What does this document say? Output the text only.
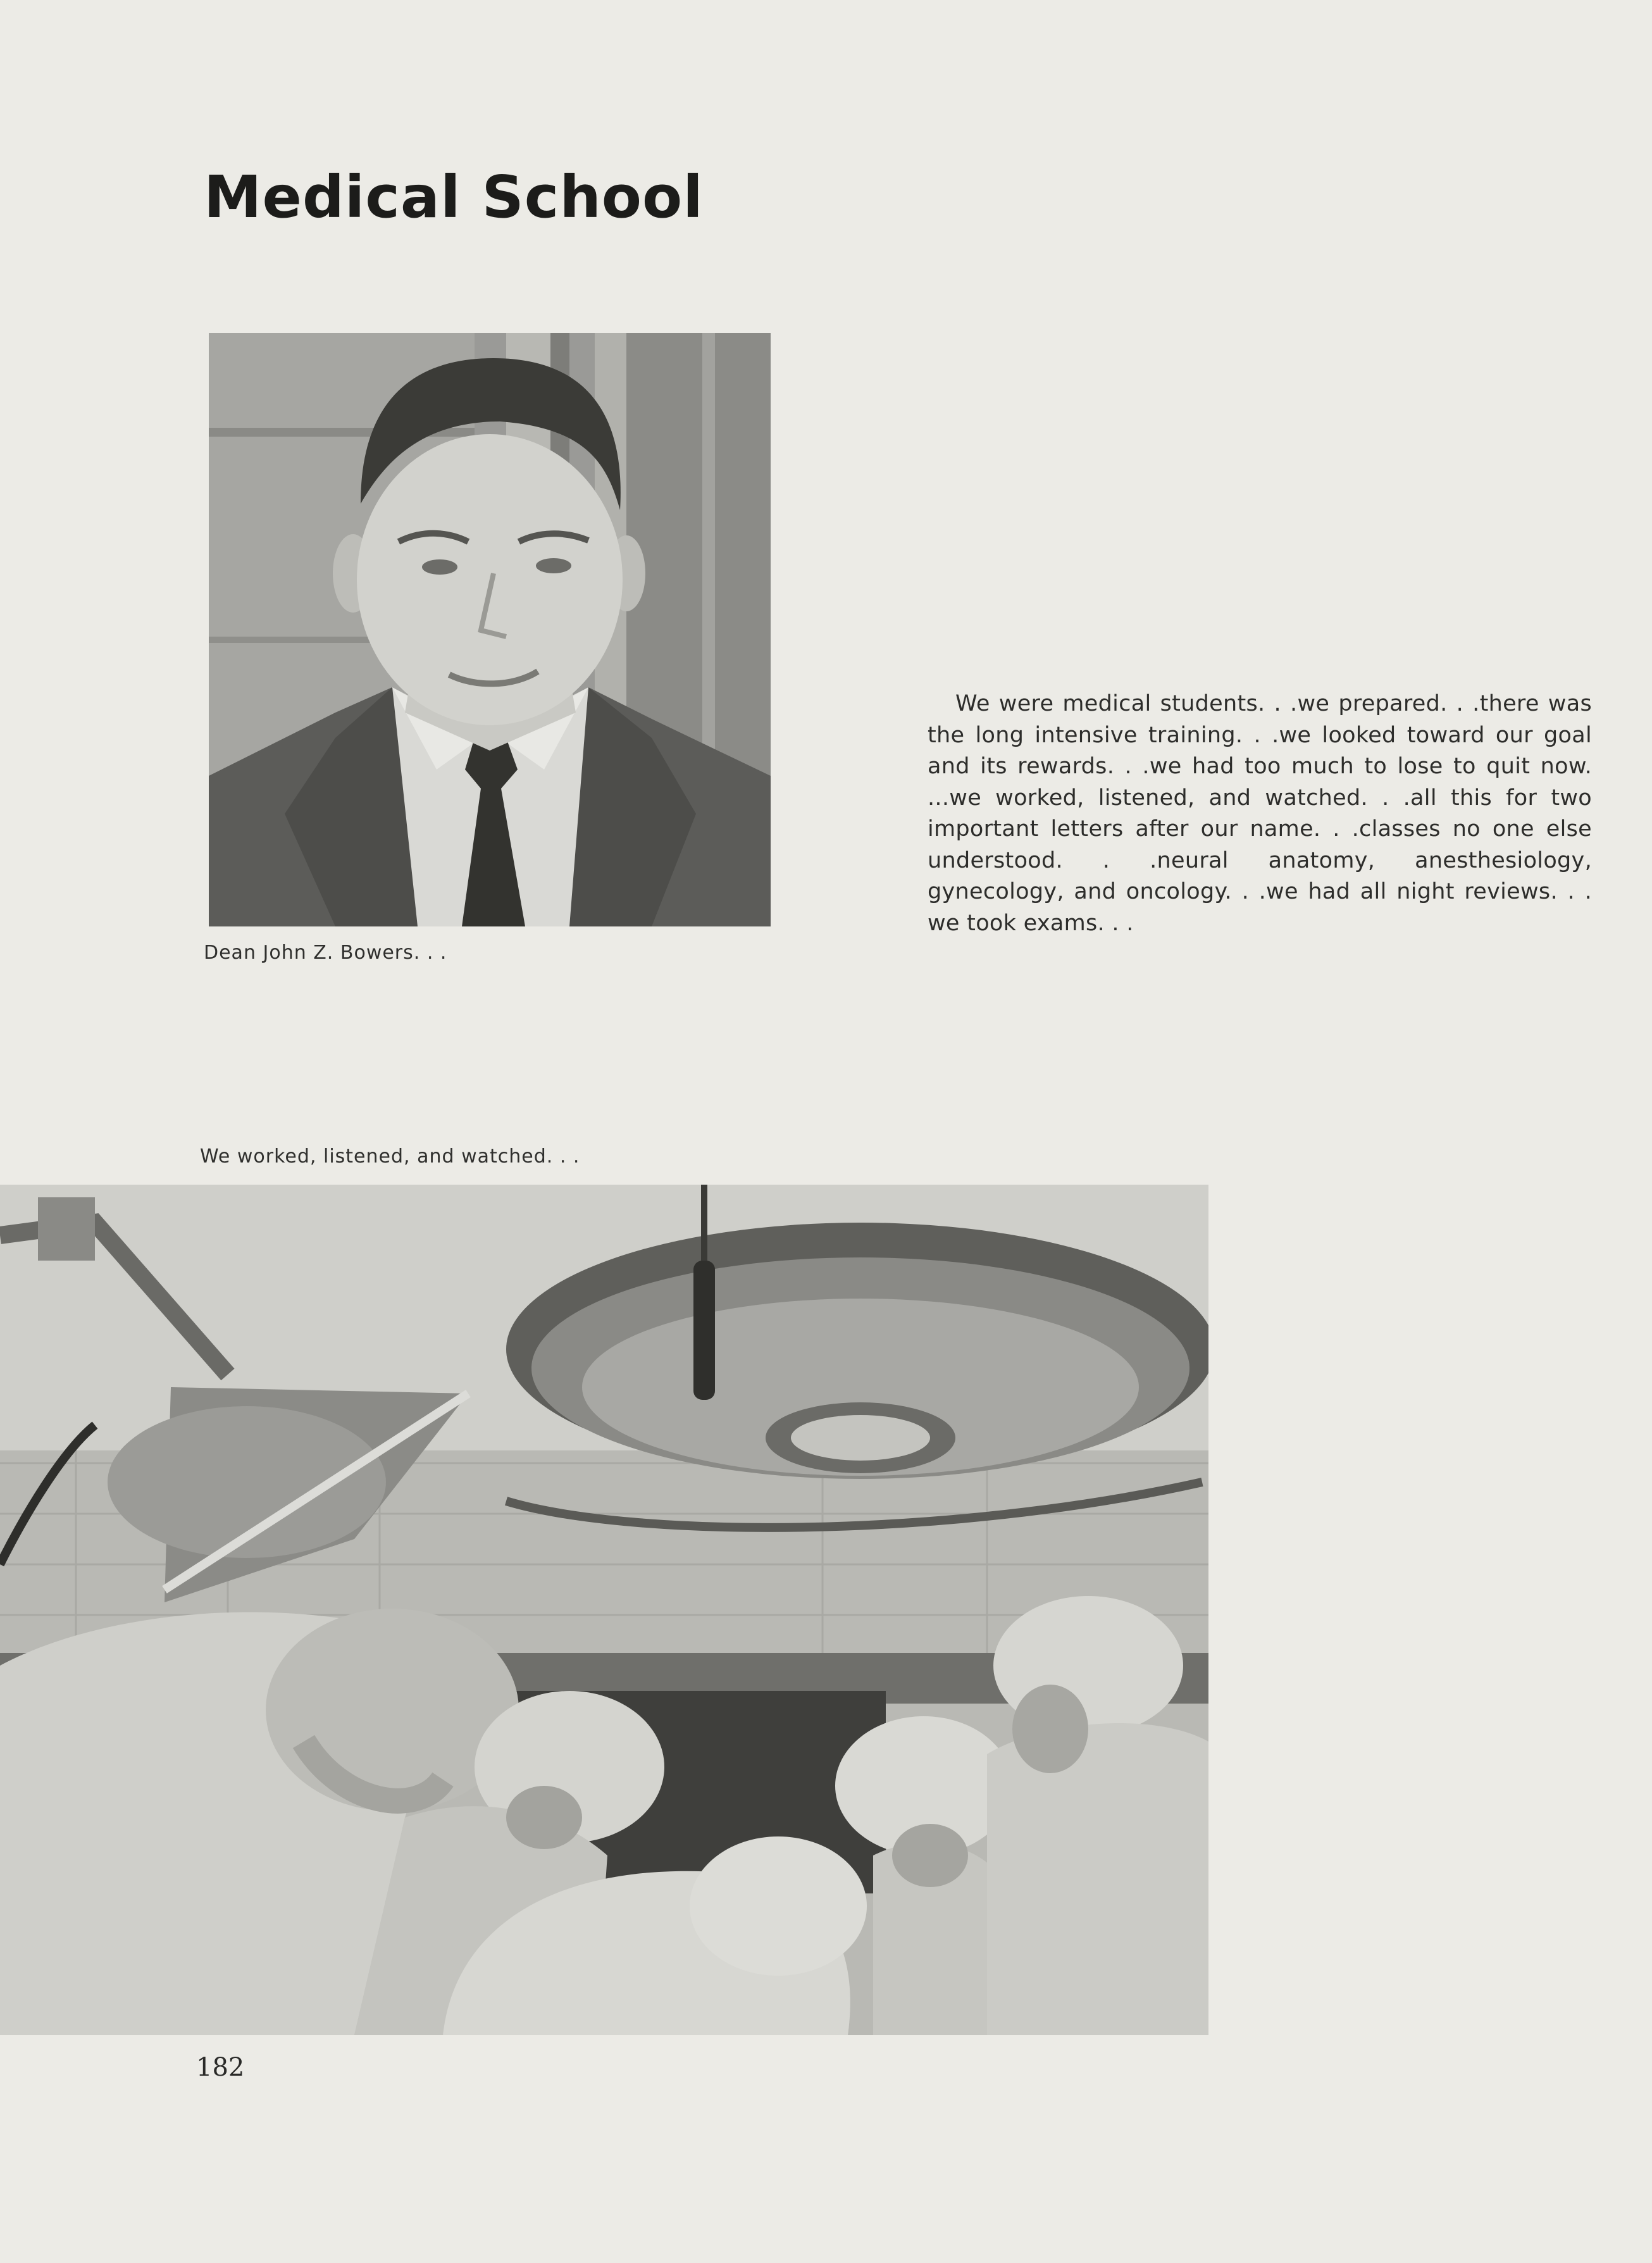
Medical School
Dean John Z. Bowers. . .
We were medical students. . .we prepared. . .there was the long intensive training. . .we looked toward our goal and its rewards. . .we had too much to lose to quit now. ...we worked, listened, and watched. . .all this for two important letters after our name. . .classes no one else understood. . .neural anatomy, anesthesiology, gynecology, and oncology. . .we had all night reviews. . . we took exams. . .
We worked, listened, and watched. . .
182
